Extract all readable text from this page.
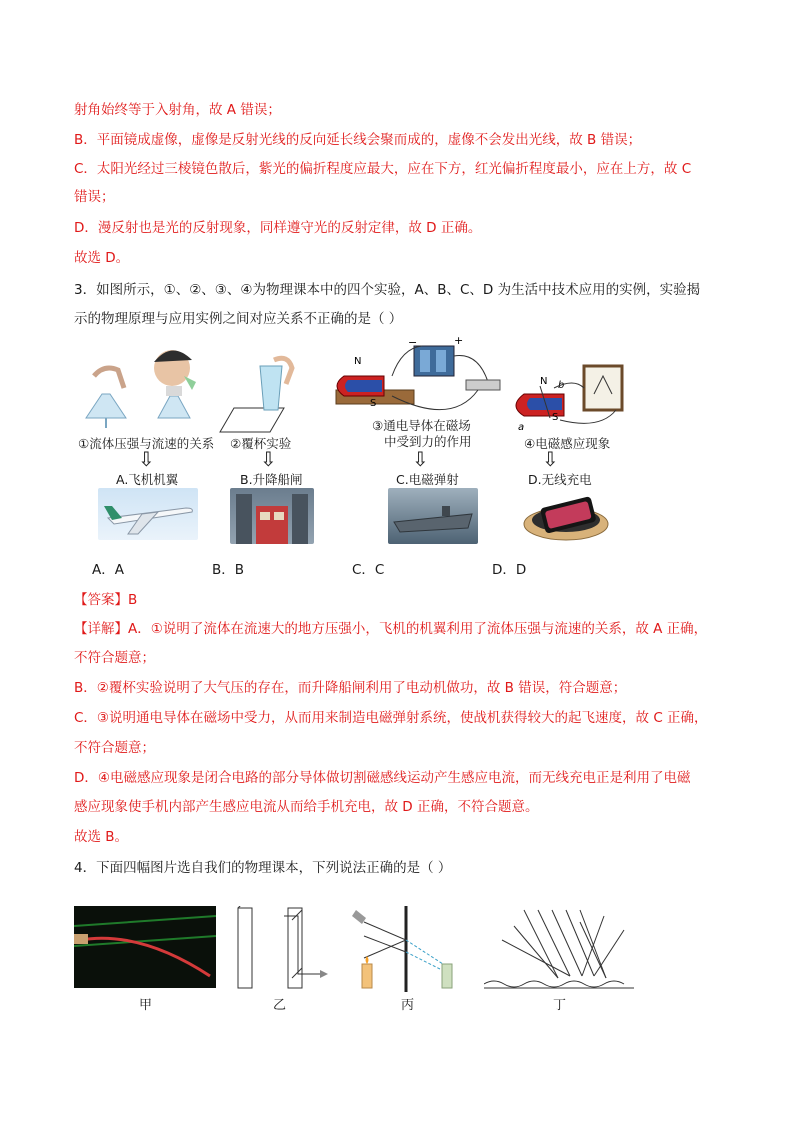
射角始终等于入射角，故 A 错误；
B．平面镜成虚像，虚像是反射光线的反向延长线会聚而成的，虚像不会发出光线，故 B 错误；
C．太阳光经过三棱镜色散后，紫光的偏折程度应最大，应在下方，红光偏折程度最小，应在上方，故 C
错误；
D．漫反射也是光的反射现象，同样遵守光的反射定律，故 D 正确。
故选 D。
3．如图所示，①、②、③、④为物理课本中的四个实验，A、B、C、D 为生活中技术应用的实例，实验揭
示的物理原理与应用实例之间对应关系不正确的是（ ）
N
S
−	+
N
S
a
b
①流体压强与流速的关系 ②覆杯实验
③通电导体在磁场
中受到力的作用	④电磁感应现象
⇩	⇩	⇩	⇩
A.飞机机翼	B.升降船闸	C.电磁弹射	D.无线充电
A．A	B．B	C．C	D．D
【答案】B
【详解】A．①说明了流体在流速大的地方压强小，飞机的机翼利用了流体压强与流速的关系，故 A 正确，
不符合题意；
B．②覆杯实验说明了大气压的存在，而升降船闸利用了电动机做功，故 B 错误，符合题意；
C．③说明通电导体在磁场中受力，从而用来制造电磁弹射系统，使战机获得较大的起飞速度，故 C 正确，
不符合题意；
D．④电磁感应现象是闭合电路的部分导体做切割磁感线运动产生感应电流，而无线充电正是利用了电磁
感应现象使手机内部产生感应电流从而给手机充电，故 D 正确，不符合题意。
故选 B。
4．下面四幅图片选自我们的物理课本，下列说法正确的是（ ）
甲	乙	丙	丁
